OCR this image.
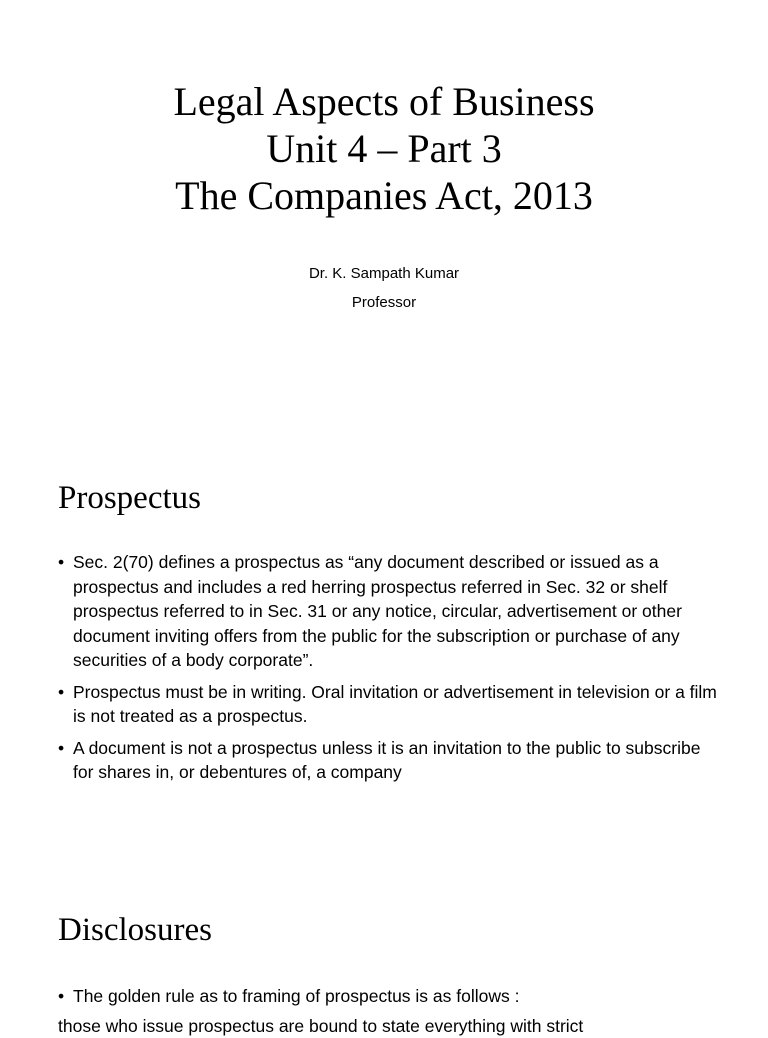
Legal Aspects of Business
Unit 4 – Part 3
The Companies Act, 2013
Dr. K. Sampath Kumar
Professor
Prospectus
• Sec. 2(70) defines a prospectus as “any document described or issued as a prospectus and includes a red herring prospectus referred in Sec. 32 or shelf prospectus referred to in Sec. 31 or any notice, circular, advertisement or other document inviting offers from the public for the subscription or purchase of any securities of a body corporate”.
• Prospectus must be in writing. Oral invitation or advertisement in television or a film is not treated as a prospectus.
• A document is not a prospectus unless it is an invitation to the public to subscribe for shares in, or debentures of, a company
Disclosures
• The golden rule as to framing of prospectus is as follows :
those who issue prospectus are bound to state everything with strict
